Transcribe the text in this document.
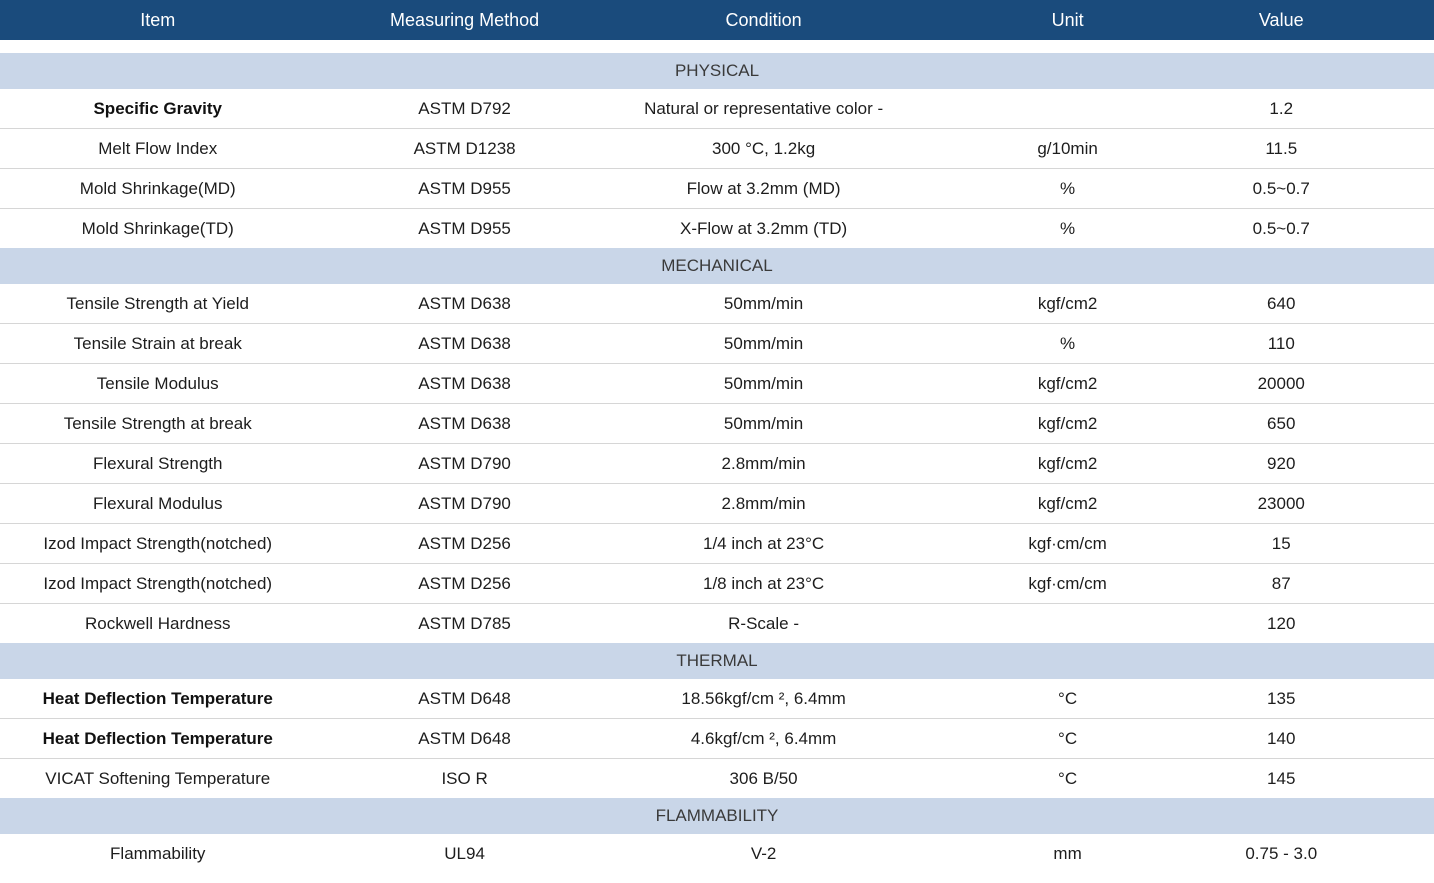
Item	Measuring Method	Condition	Unit	Value	

PHYSICAL					
Specific Gravity	ASTM D792	Natural or representative color -		1.2	
Melt Flow Index	ASTM D1238	300 °C, 1.2kg	g/10min	11.5	
Mold Shrinkage(MD)	ASTM D955	Flow at 3.2mm (MD)	%	0.5~0.7	
Mold Shrinkage(TD)	ASTM D955	X-Flow at 3.2mm (TD)	%	0.5~0.7	
MECHANICAL					
Tensile Strength at Yield	ASTM D638	50mm/min	kgf/cm2	640	
Tensile Strain at break	ASTM D638	50mm/min	%	110	
Tensile Modulus	ASTM D638	50mm/min	kgf/cm2	20000	
Tensile Strength at break	ASTM D638	50mm/min	kgf/cm2	650	
Flexural Strength	ASTM D790	2.8mm/min	kgf/cm2	920	
Flexural Modulus	ASTM D790	2.8mm/min	kgf/cm2	23000	
Izod Impact Strength(notched)	ASTM D256	1/4 inch at 23°C	kgf·cm/cm	15	
Izod Impact Strength(notched)	ASTM D256	1/8 inch at 23°C	kgf·cm/cm	87	
Rockwell Hardness	ASTM D785	R-Scale -		120	
THERMAL					
Heat Deflection Temperature	ASTM D648	18.56kgf/cm ², 6.4mm	°C	135	
Heat Deflection Temperature	ASTM D648	4.6kgf/cm ², 6.4mm	°C	140	
VICAT Softening Temperature	ISO R	306 B/50	°C	145	
FLAMMABILITY					
Flammability	UL94	V-2	mm	0.75 - 3.0	
